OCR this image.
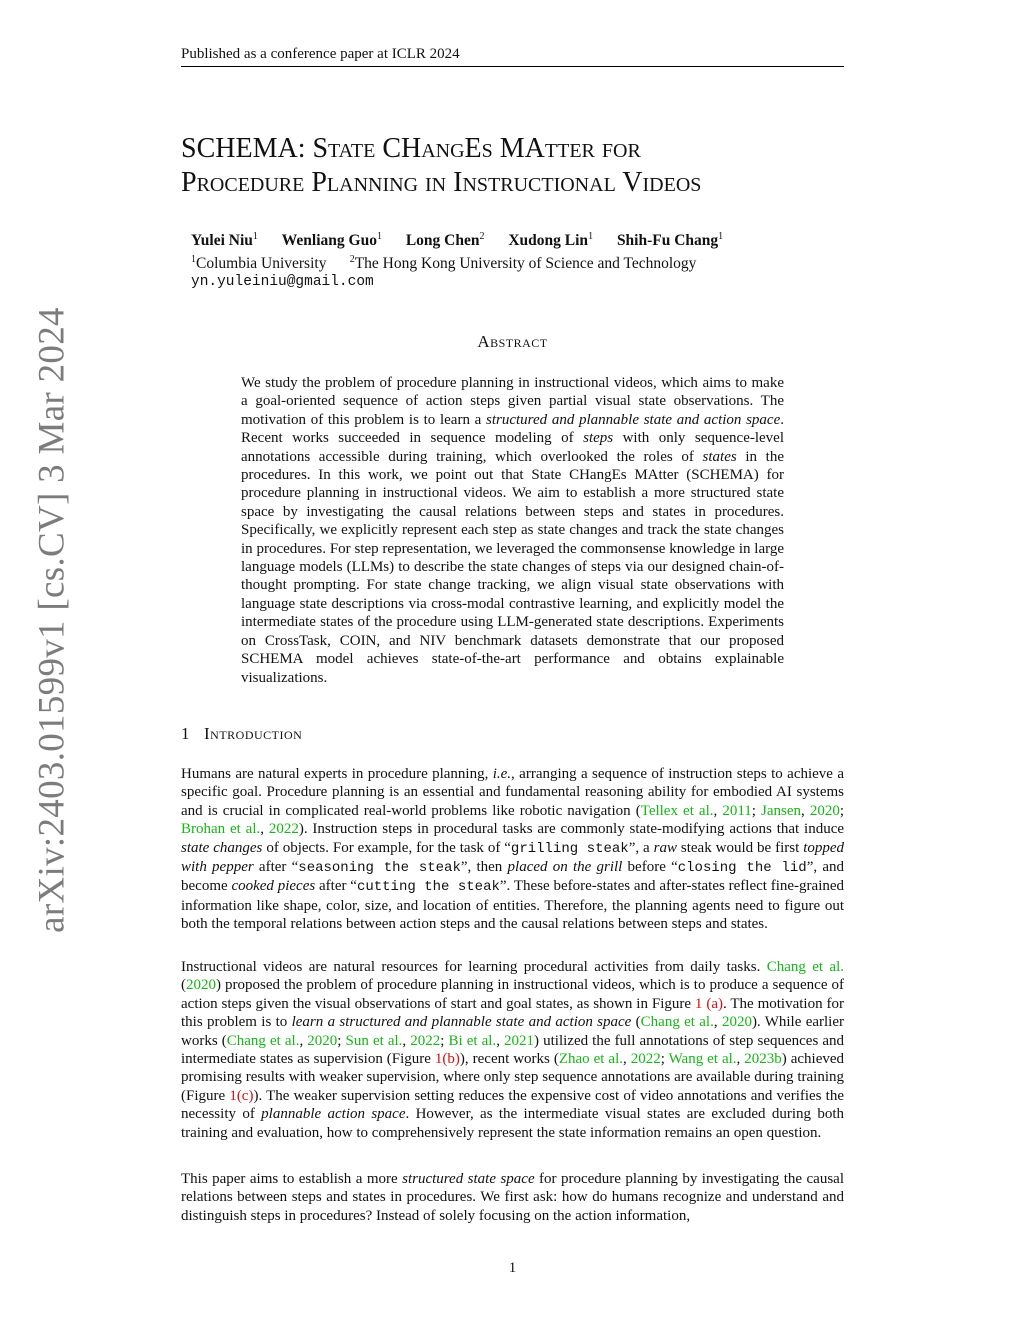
Published as a conference paper at ICLR 2024
arXiv:2403.01599v1 [cs.CV] 3 Mar 2024
SCHEMA: State CHangEs MAtter for
Procedure Planning in Instructional Videos
Yulei Niu$^1$ Wenliang Guo$^1$ Long Chen$^2$ Xudong Lin$^1$ Shih-Fu Chang$^1$
$^1$Columbia University $^2$The Hong Kong University of Science and Technology
yn.yuleiniu@gmail.com
Abstract
We study the problem of procedure planning in instructional videos, which aims to make a goal-oriented sequence of action steps given partial visual state observations. The motivation of this problem is to learn a structured and plannable state and action space. Recent works succeeded in sequence modeling of steps with only sequence-level annotations accessible during training, which overlooked the roles of states in the procedures. In this work, we point out that State CHangEs MAtter (SCHEMA) for procedure planning in instructional videos. We aim to establish a more structured state space by investigating the causal relations between steps and states in procedures. Specifically, we explicitly represent each step as state changes and track the state changes in procedures. For step representation, we leveraged the commonsense knowledge in large language models (LLMs) to describe the state changes of steps via our designed chain-of-thought prompting. For state change tracking, we align visual state observations with language state descriptions via cross-modal contrastive learning, and explicitly model the intermediate states of the procedure using LLM-generated state descriptions. Experiments on CrossTask, COIN, and NIV benchmark datasets demonstrate that our proposed SCHEMA model achieves state-of-the-art performance and obtains explainable visualizations.
1 Introduction

Humans are natural experts in procedure planning, i.e., arranging a sequence of instruction steps to achieve a specific goal. Procedure planning is an essential and fundamental reasoning ability for embodied AI systems and is crucial in complicated real-world problems like robotic navigation (Tellex et al., 2011; Jansen, 2020; Brohan et al., 2022). Instruction steps in procedural tasks are commonly state-modifying actions that induce state changes of objects. For example, for the task of “grilling steak”, a raw steak would be first topped with pepper after “seasoning the steak”, then placed on the grill before “closing the lid”, and become cooked pieces after “cutting the steak”. These before-states and after-states reflect fine-grained information like shape, color, size, and location of entities. Therefore, the planning agents need to figure out both the temporal relations between action steps and the causal relations between steps and states.

Instructional videos are natural resources for learning procedural activities from daily tasks. Chang et al. (2020) proposed the problem of procedure planning in instructional videos, which is to produce a sequence of action steps given the visual observations of start and goal states, as shown in Figure 1 (a). The motivation for this problem is to learn a structured and plannable state and action space (Chang et al., 2020). While earlier works (Chang et al., 2020; Sun et al., 2022; Bi et al., 2021) utilized the full annotations of step sequences and intermediate states as supervision (Figure 1(b)), recent works (Zhao et al., 2022; Wang et al., 2023b) achieved promising results with weaker supervision, where only step sequence annotations are available during training (Figure 1(c)). The weaker supervision setting reduces the expensive cost of video annotations and verifies the necessity of plannable action space. However, as the intermediate visual states are excluded during both training and evaluation, how to comprehensively represent the state information remains an open question.

This paper aims to establish a more structured state space for procedure planning by investigating the causal relations between steps and states in procedures. We first ask: how do humans recognize and understand and distinguish steps in procedures? Instead of solely focusing on the action information,

1
